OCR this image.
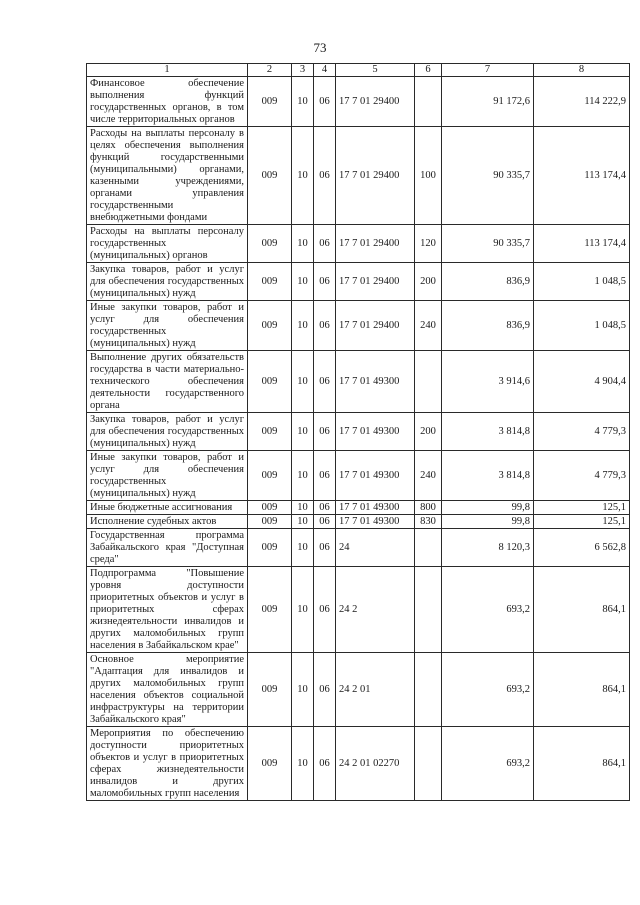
73
1	2	3	4	5	6	7	8
Финансовое обеспечение выполнения функций государственных органов, в том числе территориальных органов	009	10	06	17 7 01 29400		91 172,6	114 222,9
Расходы на выплаты персоналу в целях обеспечения выполнения функций государственными (муниципальными) органами, казенными учреждениями, органами управления государственными внебюджетными фондами	009	10	06	17 7 01 29400	100	90 335,7	113 174,4
Расходы на выплаты персоналу государственных (муниципальных) органов	009	10	06	17 7 01 29400	120	90 335,7	113 174,4
Закупка товаров, работ и услуг для обеспечения государственных (муниципальных) нужд	009	10	06	17 7 01 29400	200	836,9	1 048,5
Иные закупки товаров, работ и услуг для обеспечения государственных (муниципальных) нужд	009	10	06	17 7 01 29400	240	836,9	1 048,5
Выполнение других обязательств государства в части материально-технического обеспечения деятельности государственного органа	009	10	06	17 7 01 49300		3 914,6	4 904,4
Закупка товаров, работ и услуг для обеспечения государственных (муниципальных) нужд	009	10	06	17 7 01 49300	200	3 814,8	4 779,3
Иные закупки товаров, работ и услуг для обеспечения государственных (муниципальных) нужд	009	10	06	17 7 01 49300	240	3 814,8	4 779,3
Иные бюджетные ассигнования	009	10	06	17 7 01 49300	800	99,8	125,1
Исполнение судебных актов	009	10	06	17 7 01 49300	830	99,8	125,1
Государственная программа Забайкальского края "Доступная среда"	009	10	06	24		8 120,3	6 562,8
Подпрограмма "Повышение уровня доступности приоритетных объектов и услуг в приоритетных сферах жизнедеятельности инвалидов и других маломобильных групп населения в Забайкальском крае"	009	10	06	24 2		693,2	864,1
Основное мероприятие "Адаптация для инвалидов и других маломобильных групп населения объектов социальной инфраструктуры на территории Забайкальского края"	009	10	06	24 2 01		693,2	864,1
Мероприятия по обеспечению доступности приоритетных объектов и услуг в приоритетных сферах жизнедеятельности инвалидов и других маломобильных групп населения	009	10	06	24 2 01 02270		693,2	864,1
